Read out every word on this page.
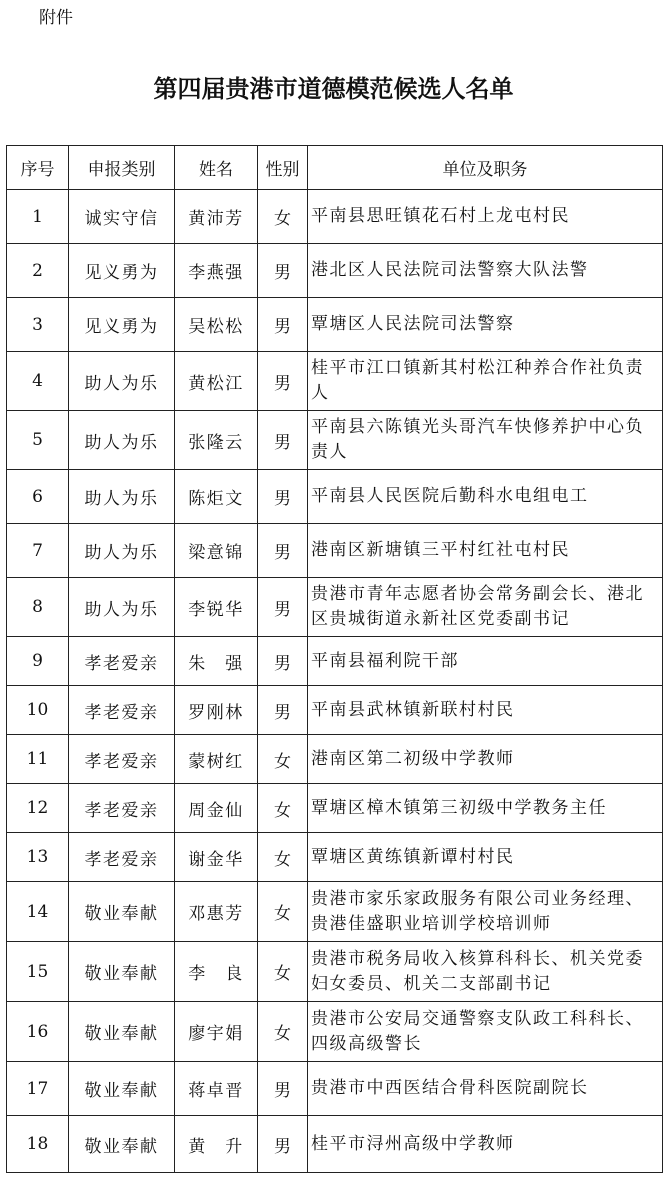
附件

第四届贵港市道德模范候选人名单
序号	申报类别	姓名	性别	单位及职务
1	诚实守信	黄沛芳	女	平南县思旺镇花石村上龙屯村民
2	见义勇为	李燕强	男	港北区人民法院司法警察大队法警
3	见义勇为	吴松松	男	覃塘区人民法院司法警察
4	助人为乐	黄松江	男	桂平市江口镇新其村松江种养合作社负责人
5	助人为乐	张隆云	男	平南县六陈镇光头哥汽车快修养护中心负责人
6	助人为乐	陈炬文	男	平南县人民医院后勤科水电组电工
7	助人为乐	梁意锦	男	港南区新塘镇三平村红社屯村民
8	助人为乐	李锐华	男	贵港市青年志愿者协会常务副会长、港北区贵城街道永新社区党委副书记
9	孝老爱亲	朱　强	男	平南县福利院干部
10	孝老爱亲	罗刚林	男	平南县武林镇新联村村民
11	孝老爱亲	蒙树红	女	港南区第二初级中学教师
12	孝老爱亲	周金仙	女	覃塘区樟木镇第三初级中学教务主任
13	孝老爱亲	谢金华	女	覃塘区黄练镇新谭村村民
14	敬业奉献	邓惠芳	女	贵港市家乐家政服务有限公司业务经理、贵港佳盛职业培训学校培训师
15	敬业奉献	李　良	女	贵港市税务局收入核算科科长、机关党委妇女委员、机关二支部副书记
16	敬业奉献	廖宇娟	女	贵港市公安局交通警察支队政工科科长、四级高级警长
17	敬业奉献	蒋卓晋	男	贵港市中西医结合骨科医院副院长
18	敬业奉献	黄　升	男	桂平市浔州高级中学教师
